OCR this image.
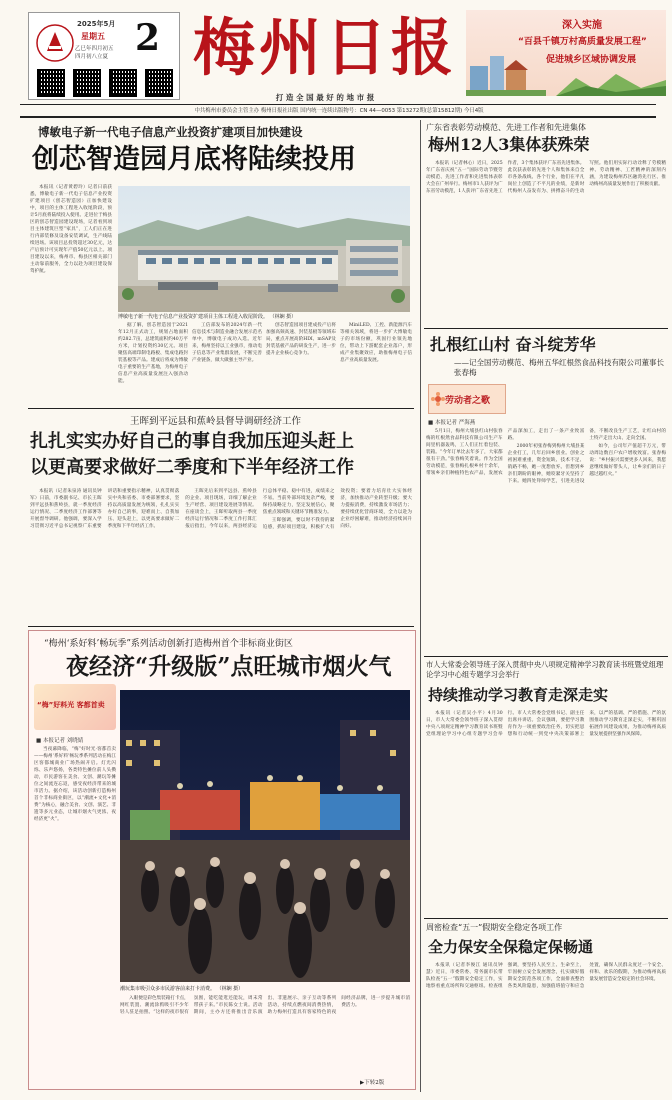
2025年5月
星期五
乙巳年四月初五
四月初八立夏 2 梅州日报
打 造 全 国 最 好 的 地 市 报
深入实施
“百县千镇万村高质量发展工程”
促进城乡区域协调发展
中共梅州市委员会主管主办 梅州日报社出版 国内统一连续出版物号：CN 44—0053 第13272期(总第15812期) 今日4版
博敏电子新一代电子信息产业投资扩建项目加快建设
创芯智造园月底将陆续投用

本报讯（记者黄碧玲）记者日前获悉，博敏电子新一代电子信息产业投资扩建项目（创芯智造园）正加快建设中，项目的主体工程进入收尾阶段，预计5月底将陆续投入使用。走进位于梅县区的创芯智造园建设现场，记者看到项目主体建筑巨型“家具”，工人们正在进行内部装修及设备安装调试，生产线陆续进场。该项目总投资超过30亿元，达产后预计可实现年产值50亿元以上。项目建设以来，梅州市、梅县区相关部门主动靠前服务，全力以赴为项目建设保驾护航。

博敏电子新一代电子信息产业投资扩建项目主体工程进入收尾阶段。 （林娴 摄）

据了解，创芯智造园于2021年12月正式动工，规划占地面积约282.7亩，总建筑面积约40万平方米，计划投资约30亿元。项目聚焦高端印制电路板、集成电路封装基板等产品。建成后将成为博敏电子重要的生产基地，为梅州电子信息产业高质量发展注入强劲动能。

工信部发布的2024年新一代信息技术与制造业融合发展示范名单中，博敏电子成功入选。近年来，梅州坚持以工业强市，推动电子信息等产业集群发展，不断完善产业链条，做大做强主导产业。

创芯智造园项目建成投产后将加强高频高速、封装基板等领域布局，重点开展高阶HDI、mSAP及封装基板产品的研发生产，进一步提升企业核心竞争力。

MiniLED、工控、新能源汽车等相关领域，将进一步扩大博敏电子的市场份额，巩固行业领先地位，带动上下游配套企业落户，形成产业集聚效应，助推梅州电子信息产业高质量发展。

王晖到平远县和蕉岭县督导调研经济工作
扎扎实实办好自己的事自我加压迎头赶上
以更高要求做好二季度和下半年经济工作

本报讯（记者朱泉涛 通讯员钟军）日前，市委副书记、市长王晖到平远县和蕉岭县，就一季度经济运行情况、二季度经济工作部署等开展督导调研。他强调，要深入学习贯彻习近平总书记视察广东重要讲话和重要指示精神，认真贯彻落实中央和省委、市委部署要求，坚持以高质量发展为统领，扎扎实实办好自己的事，迎难而上、自我加压、迎头赶上，以更高要求做好二季度和下半年经济工作。

王晖先后来到平远县、蕉岭县的企业、项目现场，详细了解企业生产经营、项目建设进展等情况。在座谈会上，王晖听取两县一季度经济运行情况和二季度工作打算汇报后指出，今年以来，两县经济运行总体平稳、稳中有进，成绩来之不易。当前外部环境复杂严峻，要保持战略定力，坚定发展信心，聚焦重点领域和关键环节精准发力。

王晖强调，要以时不我待的紧迫感，抓好项目建设，积极扩大有效投资；要着力培育壮大实体经济，加快推动产业转型升级；要大力提振消费，持续激发市场活力；要持续优化营商环境，全力以赴为企业纾困解难，推动经济持续回升向好。

“梅州‘系好料’畅玩季”系列活动创新打造梅州首个非标商业街区
夜经济“升级版”点旺城市烟火气
“梅”好料光 客都首卖
■ 本报记者 刘晓婧

当夜幕降临，“梅”好时光·客都首卖——梅州‘系好料’畅玩季系列活动在梅江区客都城商业广场热闹开启。灯光闪烁、乐声悠扬，各类特色摊位前人头攒动，市民游客在美食、文创、潮玩等摊位之间流连忘返，感受夜经济带来的城市活力。据介绍，该活动创新打造梅州首个非标商业街区，以“潮流+文化+消费”为核心，融合美食、文创、演艺、非遗等多元业态，让城市烟火气更浓、夜经济更“火”。

潮玩集市吸引众多市民游客前来打卡消费。 （林娴 摄）

入眼便是彩色集装箱打卡点，网红装置、潮流涂鸦吸引不少年轻人驻足拍照。“这样的夜市很有氛围，能吃能逛还能玩，周末常带孩子来。”市民陈女士说。活动期间，主办方还将推出音乐演出、非遗展示、亲子互动等系列活动，持续点燃夜间消费热情，助力梅州打造具有客家特色的夜间经济品牌，进一步提升城市消费活力。

▶下转2版
广东省表彰劳动模范、先进工作者和先进集体
梅州12人3集体获殊荣

本报讯（记者林心）近日，2025年广东省庆祝“五一”国际劳动节暨劳动模范、先进工作者和先进集体表彰大会在广州举行。梅州市1人获评为广东省劳动模范，1人获评广东省先进工作者，3个集体获评广东省先进集体。此次获表彰的先进个人和集体来自全市各条战线、各个行业，他们在平凡岗位上创造了不平凡的业绩，是新时代梅州人奋发有为、拼搏奋斗的生动写照。他们用实际行动诠释了劳模精神、劳动精神、工匠精神的深刻内涵，为建设梅州苏区融湾先行区、推动梅州高质量发展作出了积极贡献。

扎根红山村 奋斗绽芳华
——记全国劳动模范、梅州五华红根然食品科技有限公司董事长张春梅
劳动者之歌
■ 本报记者 严海燕

5月1日，梅州大埔县红山村张春梅的红根然食品科技有限公司生产车间里机器轰鸣，工人们正忙着包装、装箱。“今年订单比去年多了，大家都很有干劲。”张春梅笑着说。作为全国劳动模范，张春梅扎根乡村十余年，带领乡亲们种植特色农产品，发展农产品深加工，走出了一条产业致富路。

2000年初张春梅到梅州大埔县某企业打工，几年后回乡创业。创业之初困难重重，资金短缺、技术不足、销路不畅，她一度想放弃。但想到乡亲们期盼的眼神，她咬紧牙关坚持了下来。她四处拜师学艺，引进先进设备，不断改良生产工艺，让红山村的土特产走出大山、走向全国。

如今，公司年产值超千万元，带动周边数百户农户增收致富。张春梅说：“乡村振兴需要更多人回来，我愿意继续做好带头人，让乡亲们的日子越过越红火。”

市人大常委会领导班子深入贯彻中央八项规定精神学习教育读书班暨党组理论学习中心组专题学习会举行
持续推动学习教育走深走实

本报讯（记者吴小平）4月30日，市人大常委会领导班子深入贯彻中央八项规定精神学习教育读书班暨党组理论学习中心组专题学习会举行。市人大常委会党组书记、副主任出席并讲话。会议强调，要把学习教育作为一项重要政治任务，切实把思想和行动统一到党中央决策部署上来，以严的基调、严的措施、严的氛围推动学习教育走深走实，不断巩固拓展作风建设成果，为推动梅州高质量发展提供坚强作风保障。

周密检查“五一”假期安全稳定各项工作
全力保安全保稳定保畅通

本报讯（记者李俊江 通讯员钟慧）近日，市委常委、常务副市长带队检查“五一”假期安全稳定工作，实地察看重点场所和交通枢纽。检查组强调，要坚持人民至上、生命至上，牢固树立安全发展理念，扎实做好假期安全防范各项工作，全面排查整治各类风险隐患，加强值班值守和应急处置，确保人民群众度过一个安全、祥和、欢乐的假期，为推动梅州高质量发展营造安全稳定的社会环境。
